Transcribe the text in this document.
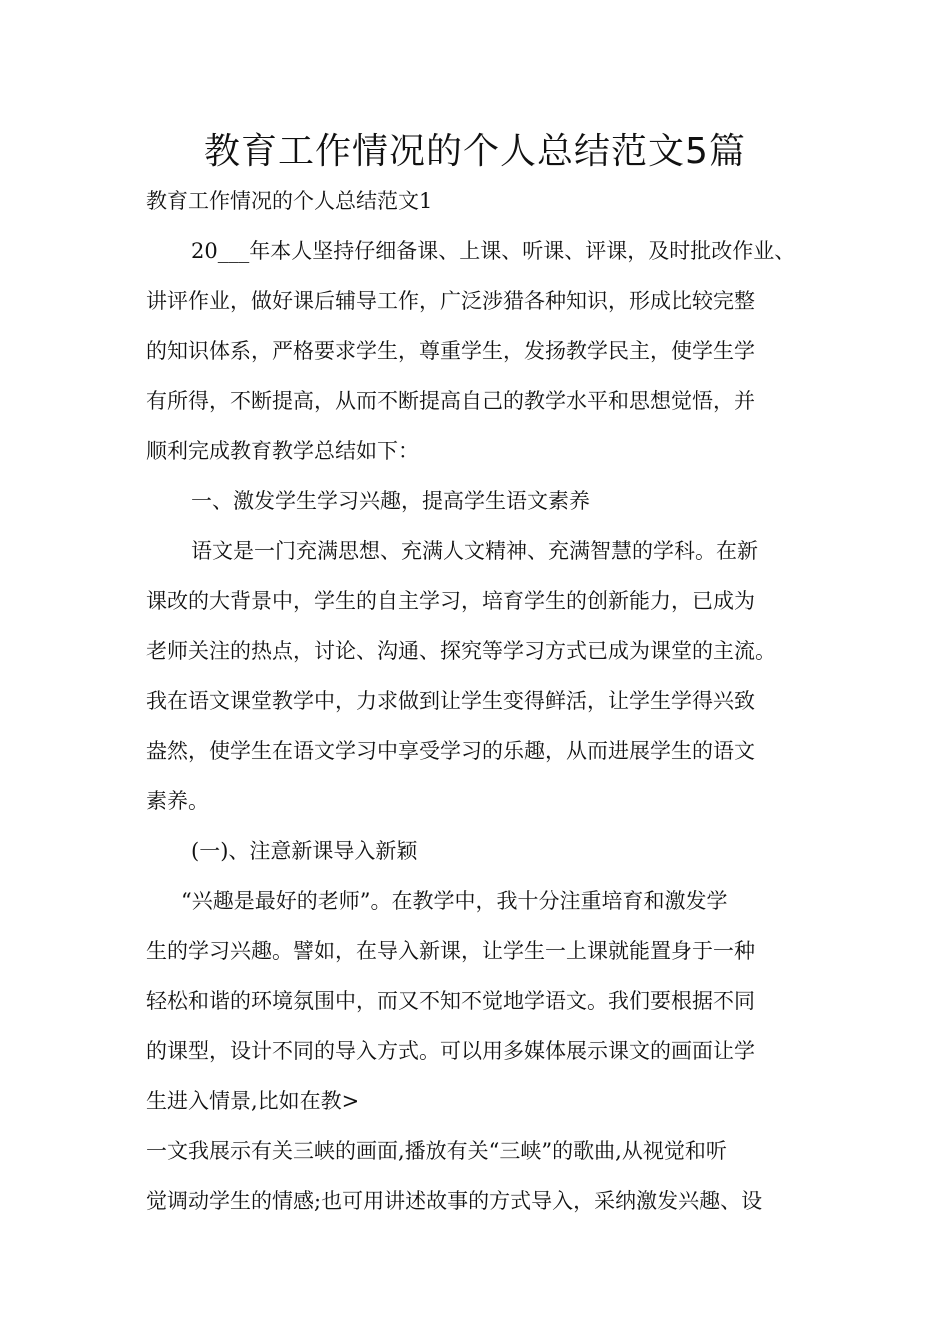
教育工作情况的个人总结范文5篇
教育工作情况的个人总结范文1
20___年本人坚持仔细备课、上课、听课、评课，及时批改作业、
讲评作业，做好课后辅导工作，广泛涉猎各种知识，形成比较完整
的知识体系，严格要求学生，尊重学生，发扬教学民主，使学生学
有所得，不断提高，从而不断提高自己的教学水平和思想觉悟，并
顺利完成教育教学总结如下：
一、激发学生学习兴趣，提高学生语文素养
语文是一门充满思想、充满人文精神、充满智慧的学科。在新
课改的大背景中，学生的自主学习，培育学生的创新能力，已成为
老师关注的热点，讨论、沟通、探究等学习方式已成为课堂的主流。
我在语文课堂教学中，力求做到让学生变得鲜活，让学生学得兴致
盎然，使学生在语文学习中享受学习的乐趣，从而进展学生的语文
素养。
(一)、注意新课导入新颖
“兴趣是最好的老师”。在教学中，我十分注重培育和激发学
生的学习兴趣。譬如，在导入新课，让学生一上课就能置身于一种
轻松和谐的环境氛围中，而又不知不觉地学语文。我们要根据不同
的课型，设计不同的导入方式。可以用多媒体展示课文的画面让学
生进入情景,比如在教>
一文我展示有关三峡的画面,播放有关“三峡”的歌曲,从视觉和听
觉调动学生的情感;也可用讲述故事的方式导入，采纳激发兴趣、设
